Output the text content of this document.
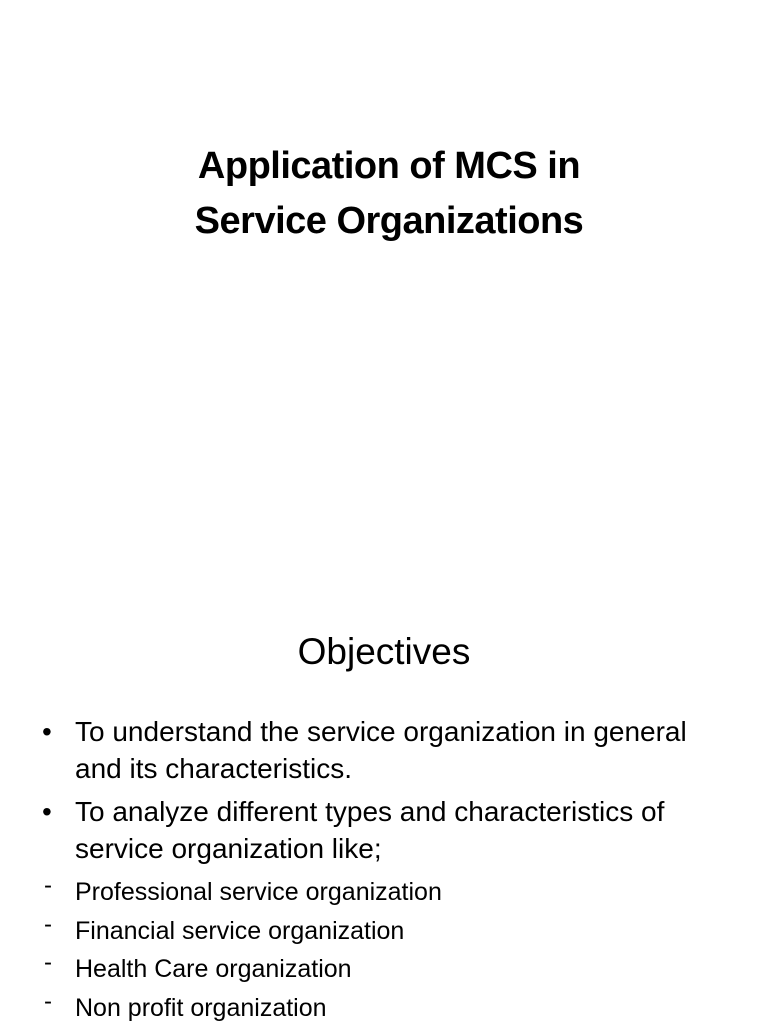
Application of MCS in
Service Organizations
Objectives
• To understand the service organization in general and its characteristics.
• To analyze different types and characteristics of service organization like;
- Professional service organization
- Financial service organization
- Health Care organization
- Non profit organization
